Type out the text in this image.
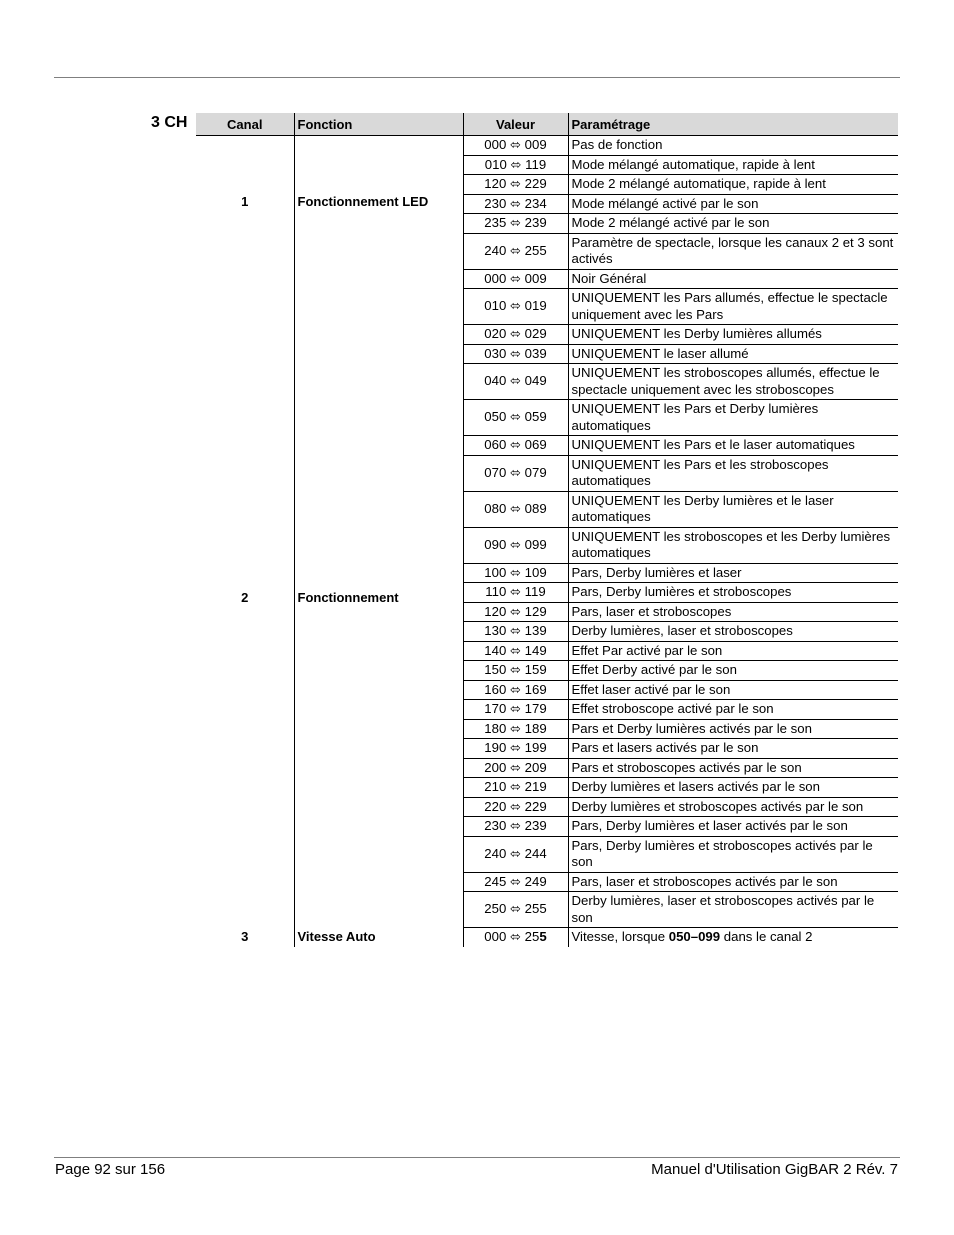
3 CH	Canal	Fonction	Valeur	Paramétrage
1	Fonctionnement LED	000 ⬄ 009	Pas de fonction
		010 ⬄ 119	Mode mélangé automatique, rapide à lent
		120 ⬄ 229	Mode 2 mélangé automatique, rapide à lent
		230 ⬄ 234	Mode mélangé activé par le son
		235 ⬄ 239	Mode 2 mélangé activé par le son
		240 ⬄ 255	Paramètre de spectacle, lorsque les canaux 2 et 3 sont activés
2	Fonctionnement	000 ⬄ 009	Noir Général
		010 ⬄ 019	UNIQUEMENT les Pars allumés, effectue le spectacle uniquement avec les Pars
		020 ⬄ 029	UNIQUEMENT les Derby lumières allumés
		030 ⬄ 039	UNIQUEMENT le laser allumé
		040 ⬄ 049	UNIQUEMENT les stroboscopes allumés, effectue le spectacle uniquement avec les stroboscopes
		050 ⬄ 059	UNIQUEMENT les Pars et Derby lumières automatiques
		060 ⬄ 069	UNIQUEMENT les Pars et le laser automatiques
		070 ⬄ 079	UNIQUEMENT les Pars et les stroboscopes automatiques
		080 ⬄ 089	UNIQUEMENT les Derby lumières et le laser automatiques
		090 ⬄ 099	UNIQUEMENT les stroboscopes et les Derby lumières automatiques
		100 ⬄ 109	Pars, Derby lumières et laser
		110 ⬄ 119	Pars, Derby lumières et stroboscopes
		120 ⬄ 129	Pars, laser et stroboscopes
		130 ⬄ 139	Derby lumières, laser et stroboscopes
		140 ⬄ 149	Effet Par activé par le son
		150 ⬄ 159	Effet Derby activé par le son
		160 ⬄ 169	Effet laser activé par le son
		170 ⬄ 179	Effet stroboscope activé par le son
		180 ⬄ 189	Pars et Derby lumières activés par le son
		190 ⬄ 199	Pars et lasers activés par le son
		200 ⬄ 209	Pars et stroboscopes activés par le son
		210 ⬄ 219	Derby lumières et lasers activés par le son
		220 ⬄ 229	Derby lumières et stroboscopes activés par le son
		230 ⬄ 239	Pars, Derby lumières et laser activés par le son
		240 ⬄ 244	Pars, Derby lumières et stroboscopes activés par le son
		245 ⬄ 249	Pars, laser et stroboscopes activés par le son
		250 ⬄ 255	Derby lumières, laser et stroboscopes activés par le son
3	Vitesse Auto	000 ⬄ 255	Vitesse, lorsque 050–099 dans le canal 2
Page 92 sur 156	Manuel d'Utilisation GigBAR 2 Rév. 7
